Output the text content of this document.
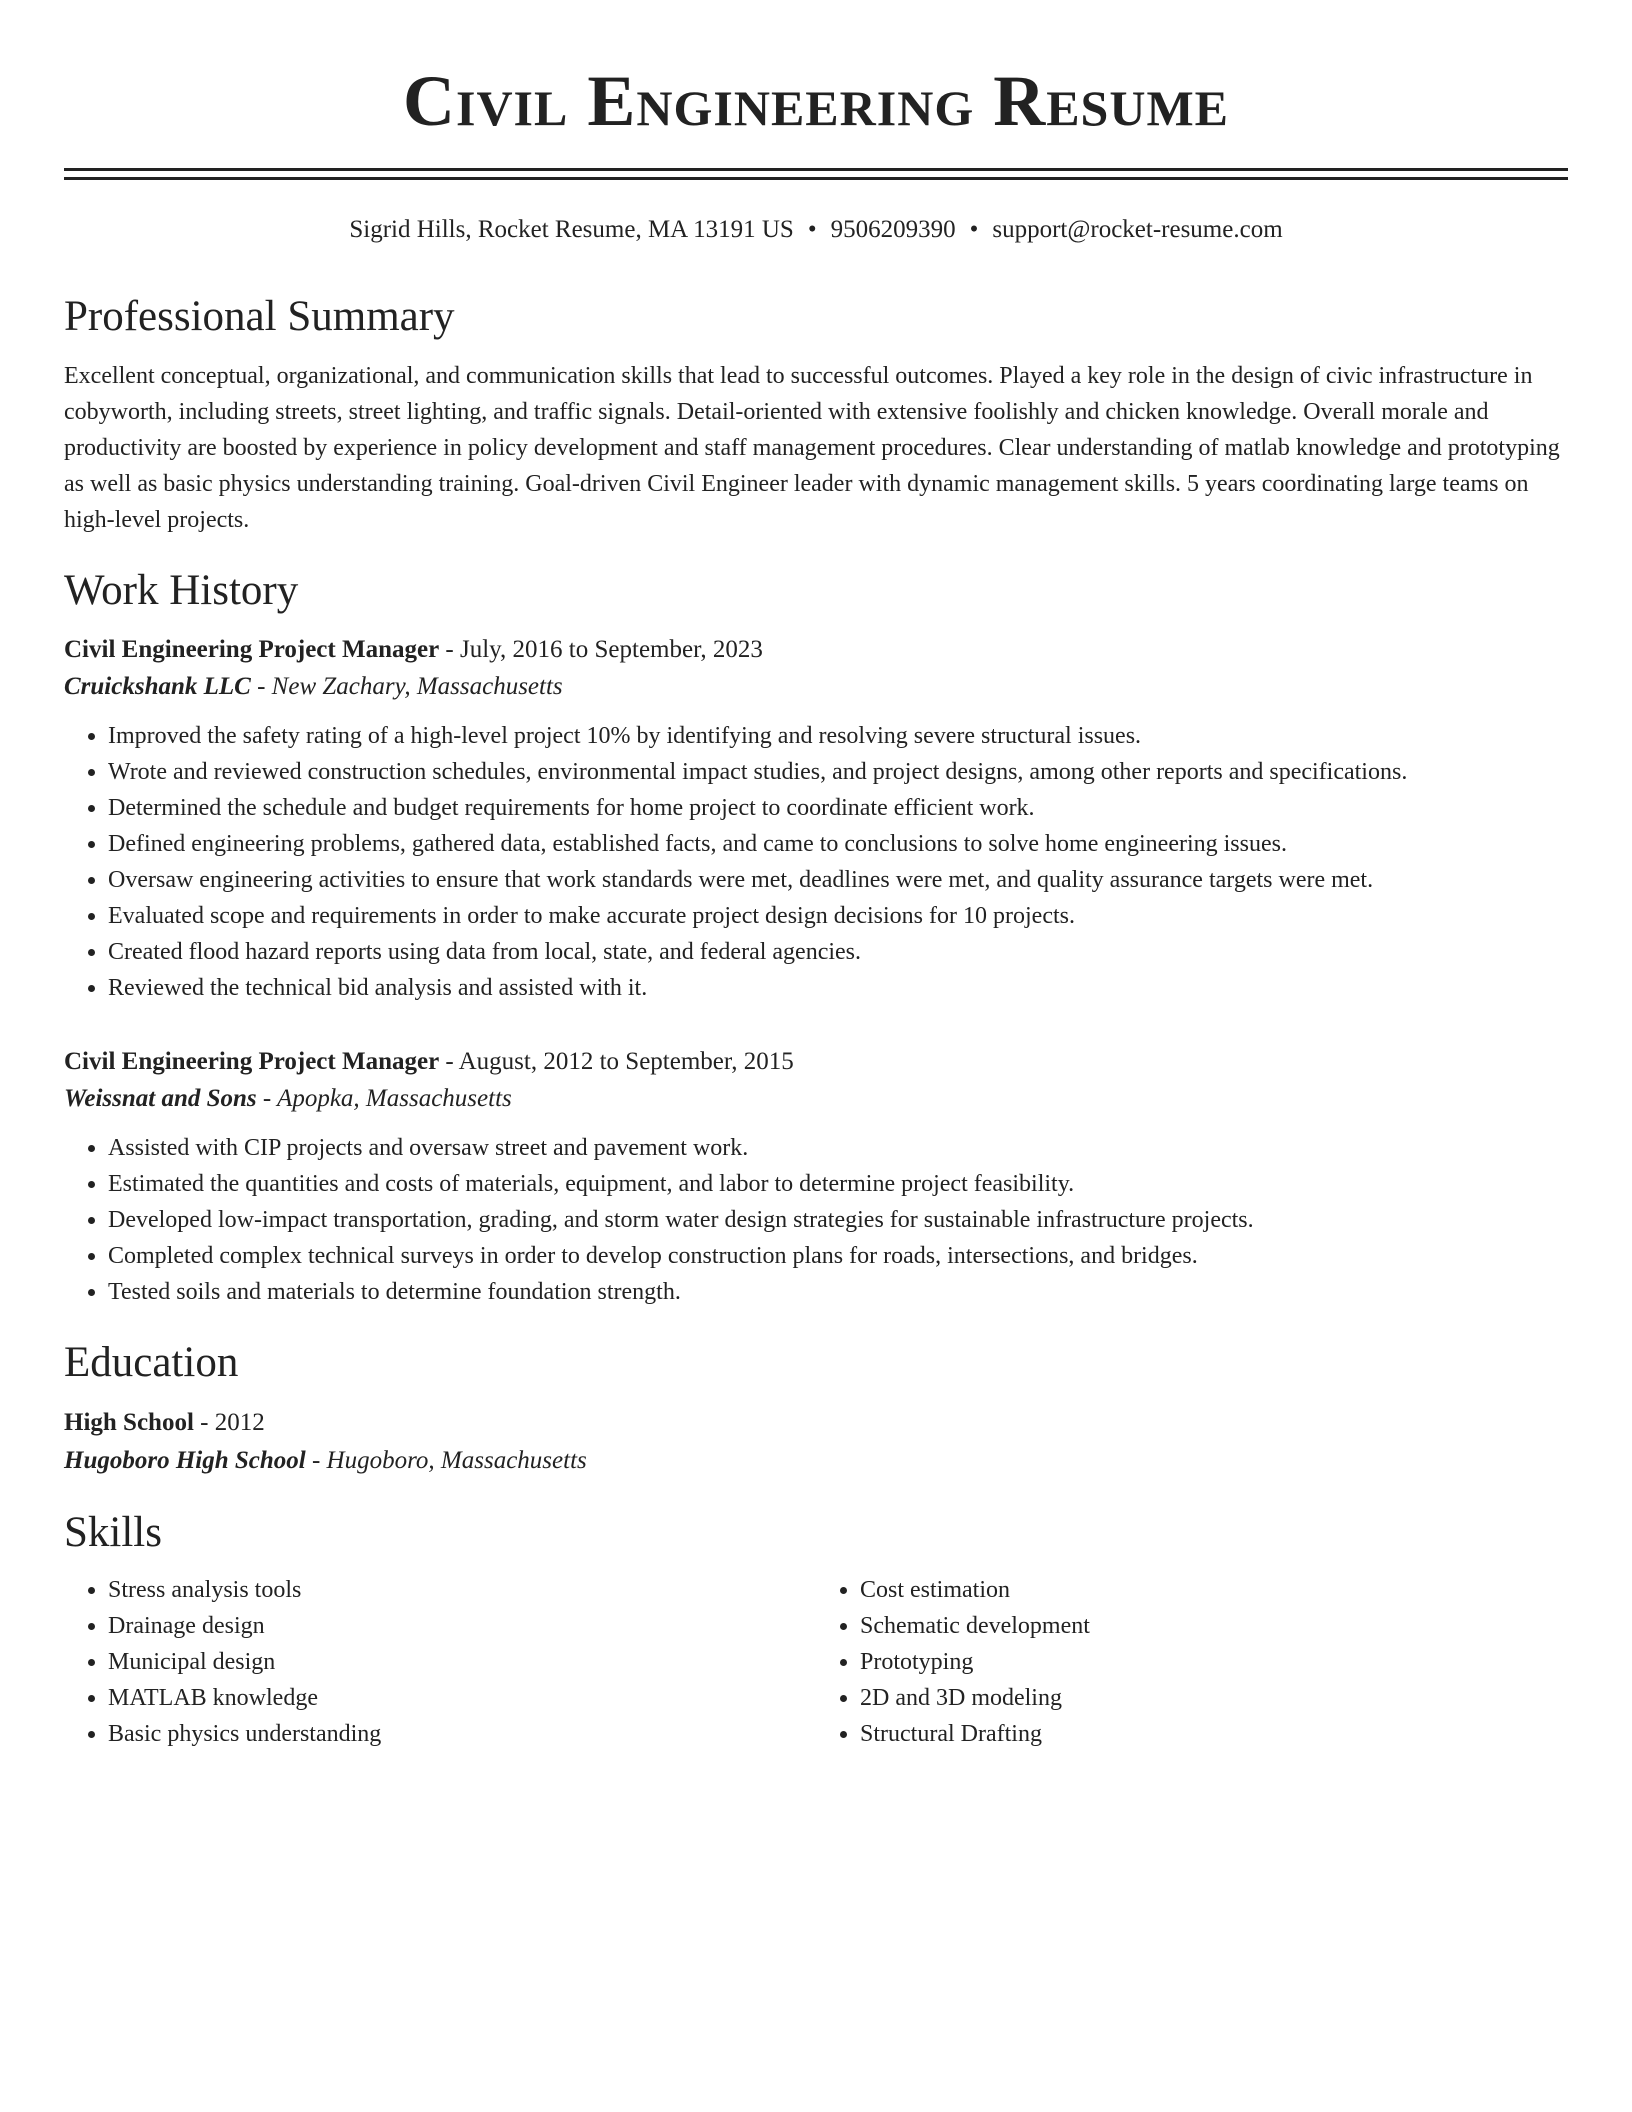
Civil Engineering Resume
Sigrid Hills, Rocket Resume, MA 13191 US • 9506209390 • support@rocket-resume.com
Professional Summary

Excellent conceptual, organizational, and communication skills that lead to successful outcomes. Played a key role in the design of civic infrastructure in cobyworth, including streets, street lighting, and traffic signals. Detail-oriented with extensive foolishly and chicken knowledge. Overall morale and productivity are boosted by experience in policy development and staff management procedures. Clear understanding of matlab knowledge and prototyping as well as basic physics understanding training. Goal-driven Civil Engineer leader with dynamic management skills. 5 years coordinating large teams on high-level projects.

Work History
Civil Engineering Project Manager - July, 2016 to September, 2023
Cruickshank LLC - New Zachary, Massachusetts
• Improved the safety rating of a high-level project 10% by identifying and resolving severe structural issues.
• Wrote and reviewed construction schedules, environmental impact studies, and project designs, among other reports and specifications.
• Determined the schedule and budget requirements for home project to coordinate efficient work.
• Defined engineering problems, gathered data, established facts, and came to conclusions to solve home engineering issues.
• Oversaw engineering activities to ensure that work standards were met, deadlines were met, and quality assurance targets were met.
• Evaluated scope and requirements in order to make accurate project design decisions for 10 projects.
• Created flood hazard reports using data from local, state, and federal agencies.
• Reviewed the technical bid analysis and assisted with it.
Civil Engineering Project Manager - August, 2012 to September, 2015
Weissnat and Sons - Apopka, Massachusetts
• Assisted with CIP projects and oversaw street and pavement work.
• Estimated the quantities and costs of materials, equipment, and labor to determine project feasibility.
• Developed low-impact transportation, grading, and storm water design strategies for sustainable infrastructure projects.
• Completed complex technical surveys in order to develop construction plans for roads, intersections, and bridges.
• Tested soils and materials to determine foundation strength.
Education
High School - 2012
Hugoboro High School - Hugoboro, Massachusetts
Skills
• Stress analysis tools
• Drainage design
• Municipal design
• MATLAB knowledge
• Basic physics understanding
• Cost estimation
• Schematic development
• Prototyping
• 2D and 3D modeling
• Structural Drafting
